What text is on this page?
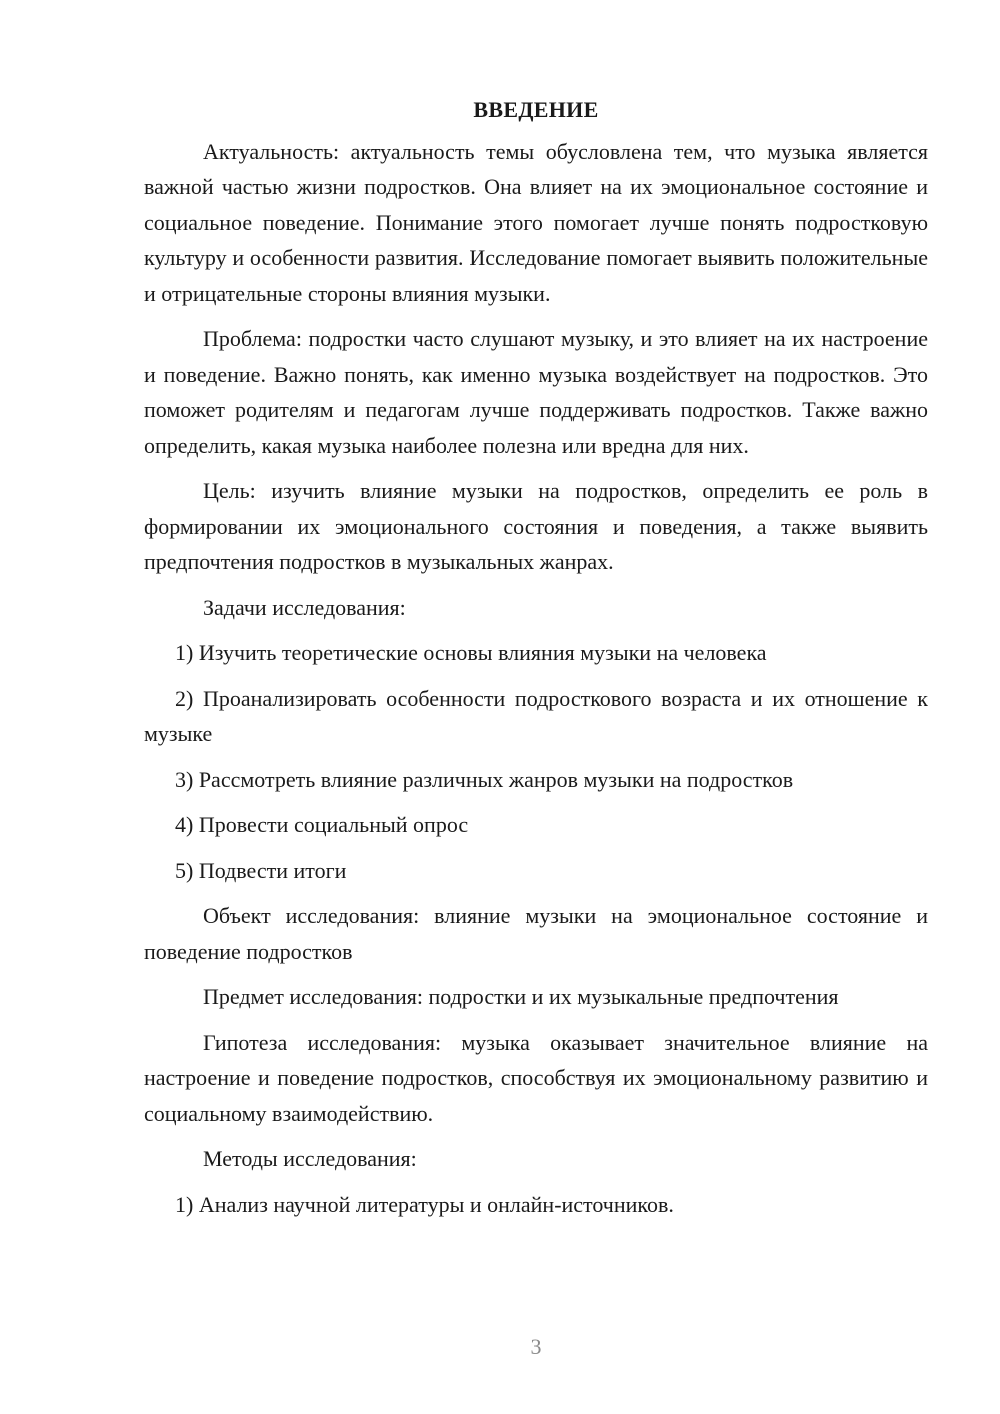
ВВЕДЕНИЕ

Актуальность: актуальность темы обусловлена тем, что музыка является важной частью жизни подростков. Она влияет на их эмоциональное состояние и социальное поведение. Понимание этого помогает лучше понять подростковую культуру и особенности развития. Исследование помогает выявить положительные и отрицательные стороны влияния музыки.

Проблема: подростки часто слушают музыку, и это влияет на их настроение и поведение. Важно понять, как именно музыка воздействует на подростков. Это поможет родителям и педагогам лучше поддерживать подростков. Также важно определить, какая музыка наиболее полезна или вредна для них.

Цель: изучить влияние музыки на подростков, определить ее роль в формировании их эмоционального состояния и поведения, а также выявить предпочтения подростков в музыкальных жанрах.

Задачи исследования:

1) Изучить теоретические основы влияния музыки на человека

2) Проанализировать особенности подросткового возраста и их отношение к музыке

3) Рассмотреть влияние различных жанров музыки на подростков

4) Провести социальный опрос

5) Подвести итоги

Объект исследования: влияние музыки на эмоциональное состояние и поведение подростков

Предмет исследования: подростки и их музыкальные предпочтения

Гипотеза исследования: музыка оказывает значительное влияние на настроение и поведение подростков, способствуя их эмоциональному развитию и социальному взаимодействию.

Методы исследования:

1) Анализ научной литературы и онлайн-источников.

3
